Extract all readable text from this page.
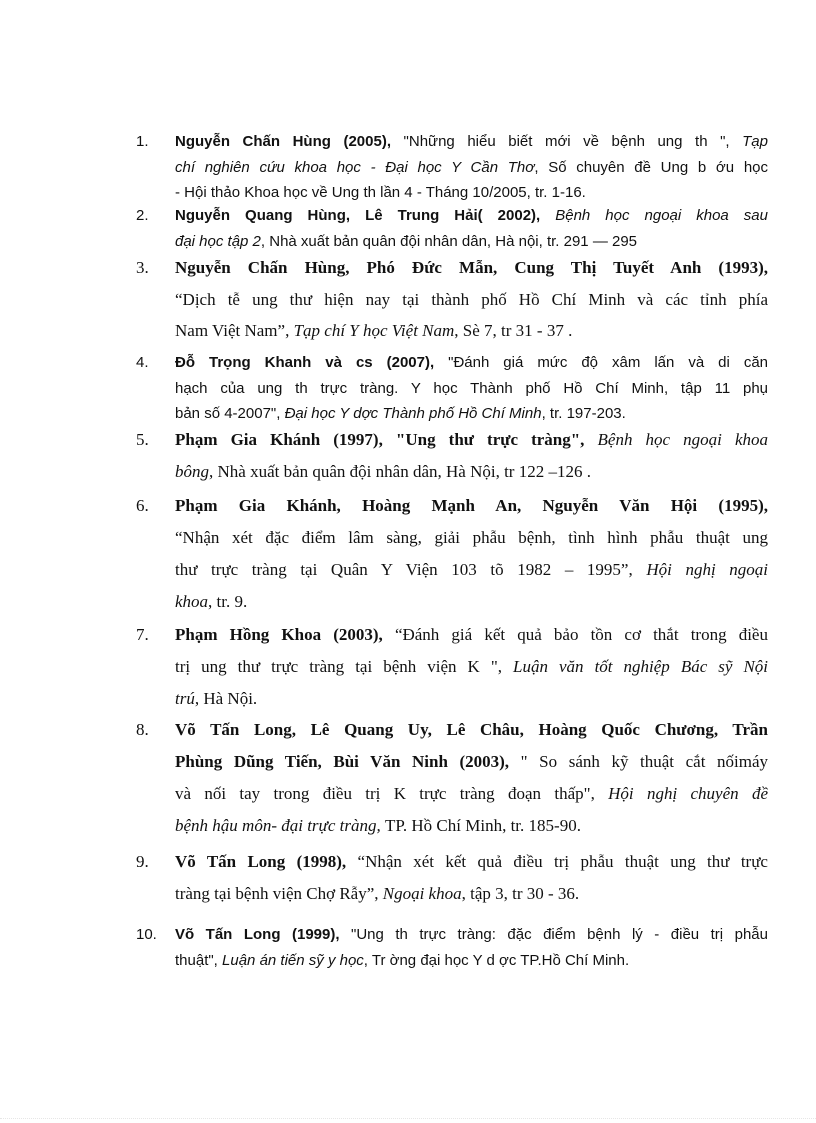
1. Nguyễn Chấn Hùng (2005), "Những hiểu biết mới về bệnh ung th ", Tạp
chí nghiên cứu khoa học - Đại học Y Cần Thơ, Số chuyên đề Ung b ớu học
- Hội thảo Khoa học về Ung th lần 4 - Tháng 10/2005, tr. 1-16.
2. Nguyễn Quang Hùng, Lê Trung Hải( 2002), Bệnh học ngoại khoa sau
đại học tập 2, Nhà xuất bản quân đội nhân dân, Hà nội, tr. 291 — 295
3. Nguyễn Chấn Hùng, Phó Đức Mẫn, Cung Thị Tuyết Anh (1993),
“Dịch tễ ung thư hiện nay tại thành phố Hồ Chí Minh và các tỉnh phía
Nam Việt Nam”, Tạp chí Y học Việt Nam, Sè 7, tr 31 - 37 .
4. Đỗ Trọng Khanh và cs (2007), "Đánh giá mức độ xâm lấn và di căn
hạch của ung th trực tràng. Y học Thành phố Hồ Chí Minh, tập 11 phụ
bản số 4-2007", Đại học Y dợc Thành phố Hồ Chí Minh, tr. 197-203.
5. Phạm Gia Khánh (1997), "Ung thư trực tràng", Bệnh học ngoại khoa
bông, Nhà xuất bản quân đội nhân dân, Hà Nội, tr 122 –126 .
6. Phạm Gia Khánh, Hoàng Mạnh An, Nguyễn Văn Hội (1995),
“Nhận xét đặc điểm lâm sàng, giải phẫu bệnh, tình hình phẫu thuật ung
thư trực tràng tại Quân Y Viện 103 tõ 1982 – 1995”, Hội nghị ngoại
khoa, tr. 9.
7. Phạm Hồng Khoa (2003), “Đánh giá kết quả bảo tồn cơ thắt trong điều
trị ung thư trực tràng tại bệnh viện K ", Luận văn tốt nghiệp Bác sỹ Nội
trú, Hà Nội.
8. Võ Tấn Long, Lê Quang Uy, Lê Châu, Hoàng Quốc Chương, Trần
Phùng Dũng Tiến, Bùi Văn Ninh (2003), " So sánh kỹ thuật cắt nốimáy
và nối tay trong điều trị K trực tràng đoạn thấp", Hội nghị chuyên đề
bệnh hậu môn- đại trực tràng, TP. Hồ Chí Minh, tr. 185-90.
9. Võ Tấn Long (1998), “Nhận xét kết quả điều trị phẫu thuật ung thư trực
tràng tại bệnh viện Chợ Rẫy”, Ngoại khoa, tập 3, tr 30 - 36.
10. Võ Tấn Long (1999), "Ung th trực tràng: đặc điểm bệnh lý - điều trị phẫu
thuật", Luận án tiến sỹ y học, Tr ờng đại học Y d ợc TP.Hồ Chí Minh.
